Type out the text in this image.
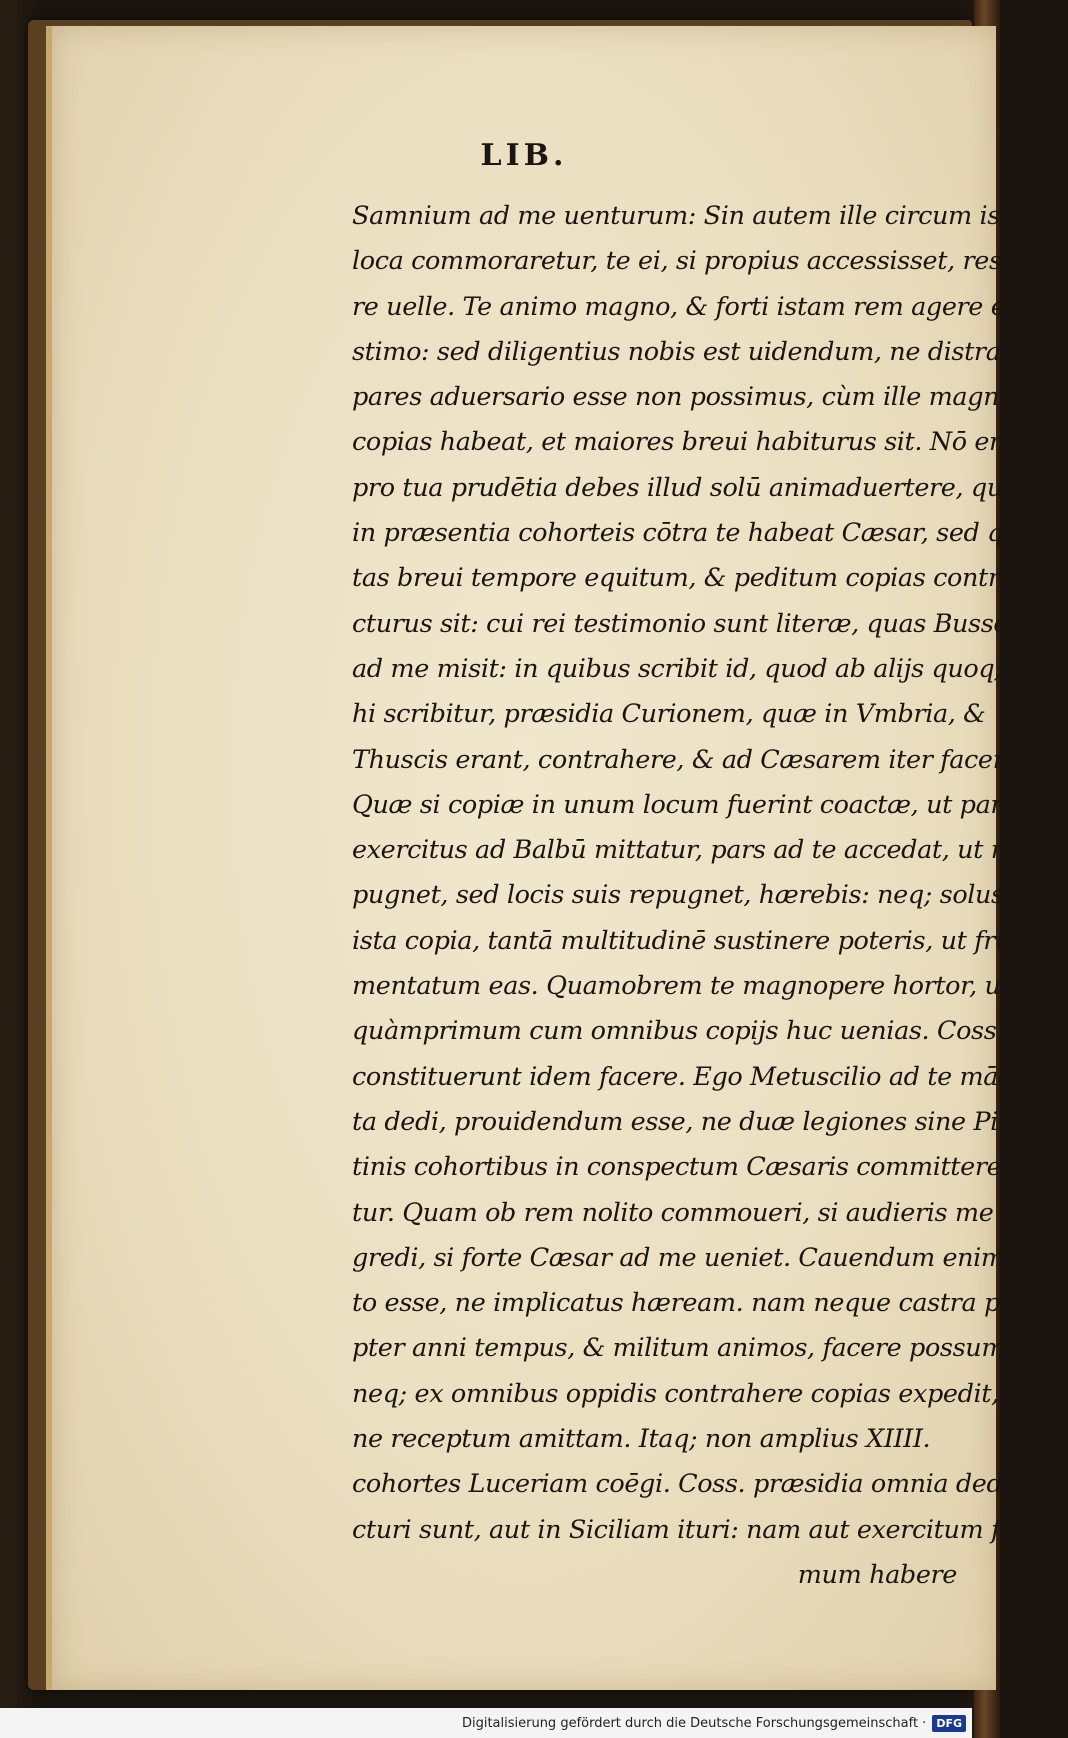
LIB.
Samnium ad me uenturum: Sin autem ille circum istæc
loca commoraretur, te ei, si propius accessisset, resiste=
re uelle. Te animo magno, & forti istam rem agere exi
stimo: sed diligentius nobis est uidendum, ne distracti,
pares aduersario esse non possimus, cùm ille magnas
copias habeat, et maiores breui habiturus sit. Nō enim
pro tua prudētia debes illud solū animaduertere, quot
in præsentia cohorteis cōtra te habeat Cæsar, sed quan
tas breui tempore equitum, & peditum copias contra
cturus sit: cui rei testimonio sunt literæ, quas Bussenius
ad me misit: in quibus scribit id, quod ab alijs quoq; mi
hi scribitur, præsidia Curionem, quæ in Vmbria, &
Thuscis erant, contrahere, & ad Cæsarem iter facere.
Quæ si copiæ in unum locum fuerint coactæ, ut pars
exercitus ad Balbū mittatur, pars ad te accedat, ut non
pugnet, sed locis suis repugnet, hærebis: neq; solus cum
ista copia, tantā multitudinē sustinere poteris, ut fru=
mentatum eas. Quamobrem te magnopere hortor, ut
quàmprimum cum omnibus copijs huc uenias. Coss.
constituerunt idem facere. Ego Metuscilio ad te māda
ta dedi, prouidendum esse, ne duæ legiones sine Picen=
tinis cohortibus in conspectum Cæsaris committeren=
tur. Quam ob rem nolito commoueri, si audieris me re
gredi, si forte Cæsar ad me ueniet. Cauendum enim pu
to esse, ne implicatus hæream. nam neque castra pro=
pter anni tempus, & militum animos, facere possum,
neq; ex omnibus oppidis contrahere copias expedit,
ne receptum amittam. Itaq; non amplius XIIII.
cohortes Luceriam coēgi. Coss. præsidia omnia dedu=
cturi sunt, aut in Siciliam ituri: nam aut exercitum fir
mum habere
Digitalisierung gefördert durch die Deutsche Forschungsgemeinschaft · DFG
